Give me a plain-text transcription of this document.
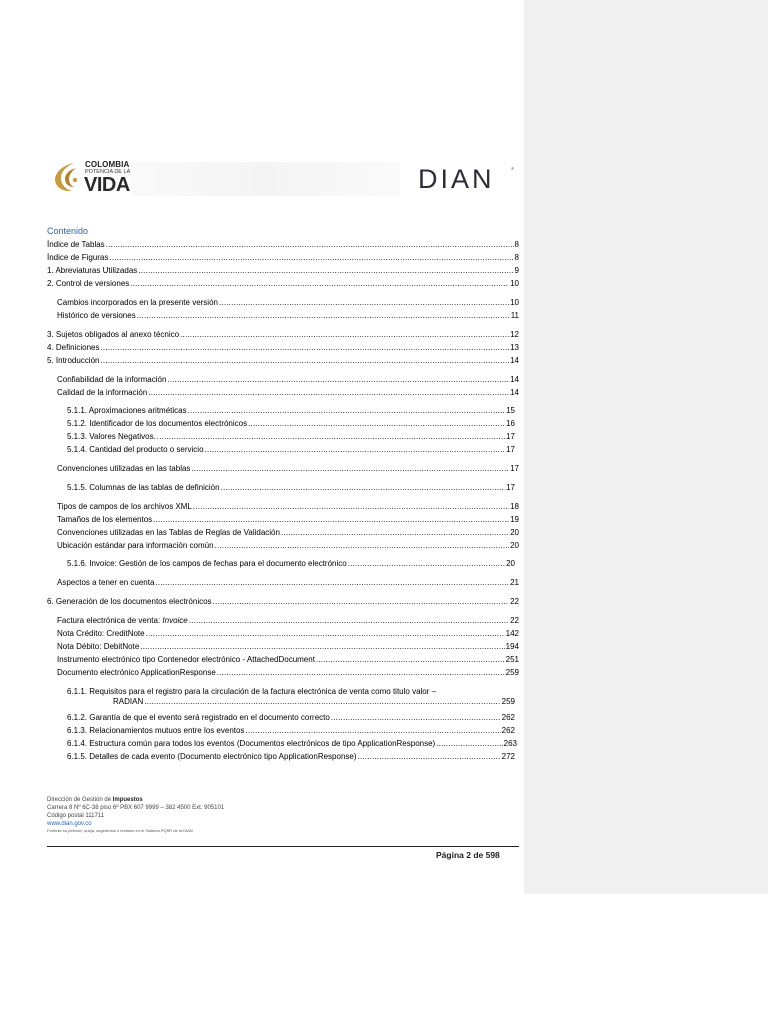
COLOMBIA
POTENCIA DE LA
VIDA	DIAN	®
Contenido
Índice de Tablas .....	8
Índice de Figuras .....	8
1. Abreviaturas Utilizadas .....	9
2. Control de versiones .....	10
Cambios incorporados en la presente versión .....	10
Histórico de versiones .....	11
3. Sujetos obligados al anexo técnico .....	12
4. Definiciones .....	13
5. Introducción .....	14
Confiabilidad de la información .....	14
Calidad de la información .....	14
5.1.1. Aproximaciones aritméticas .....	15
5.1.2. Identificador de los documentos electrónicos .....	16
5.1.3. Valores Negativos. .....	17
5.1.4. Cantidad del producto o servicio .....	17
Convenciones utilizadas en las tablas .....	17
5.1.5. Columnas de las tablas de definición .....	17
Tipos de campos de los archivos XML .....	18
Tamaños de los elementos .....	19
Convenciones utilizadas en las Tablas de Reglas de Validación .....	20
Ubicación estándar para información común .....	20
5.1.6. Invoice: Gestión de los campos de fechas para el documento electrónico .....	20
Aspectos a tener en cuenta .....	21
6. Generación de los documentos electrónicos .....	22
Factura electrónica de venta: Invoice .....	22
Nota Crédito: CreditNote .....	142
Nota Débito: DebitNote .....	194
Instrumento electrónico tipo Contenedor electrónico - AttachedDocument .....	251
Documento electrónico ApplicationResponse .....	259
6.1.1. Requisitos para el registro para la circulación de la factura electrónica de venta como titulo valor –
RADIAN .....	259
6.1.2. Garantía de que el evento será registrado en el documento correcto .....	262
6.1.3. Relacionamientos mutuos entre los eventos .....	262
6.1.4. Estructura común para todos los eventos (Documentos electrónicos de tipo ApplicationResponse) .....	263
6.1.5. Detalles de cada evento (Documento electrónico tipo ApplicationResponse) .....	272
Dirección de Gestión de Impuestos
Carrera 8 Nº 6C-38 piso 6º PBX 607 9999 – 382 4500 Ext. 905101
Código postal 111711
www.dian.gov.co
Formule su petición, queja, sugerencia o reclamo en el Sistema PQSR de la DIAN
Página 2 de 598
